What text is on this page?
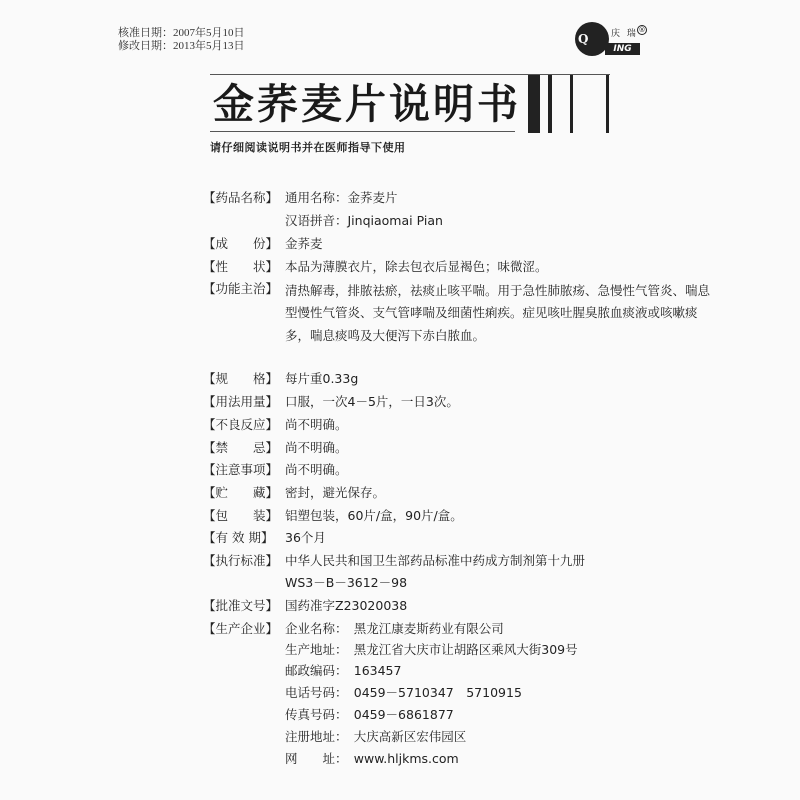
核准日期：2007年5月10日
修改日期：2013年5月13日	Q	庆 瑞 ®
ING
金荞麦片说明书
请仔细阅读说明书并在医师指导下使用
【药品名称】 通用名称：金荞麦片
汉语拼音：Jinqiaomai Pian
【成　　份】 金荞麦
【性　　状】 本品为薄膜衣片，除去包衣后显褐色；味微涩。
【功能主治】 清热解毒，排脓祛瘀，祛痰止咳平喘。用于急性肺脓疡、急慢性气管炎、喘息型慢性气管炎、支气管哮喘及细菌性痢疾。症见咳吐腥臭脓血痰液或咳嗽痰多，喘息痰鸣及大便泻下赤白脓血。
【规　　格】 每片重0.33g
【用法用量】 口服，一次4－5片，一日3次。
【不良反应】 尚不明确。
【禁　　忌】 尚不明确。
【注意事项】 尚不明确。
【贮　　藏】 密封，避光保存。
【包　　装】 铝塑包装，60片/盒，90片/盒。
【有 效 期】 36个月
【执行标准】 中华人民共和国卫生部药品标准中药成方制剂第十九册
WS3－B－3612－98
【批准文号】 国药准字Z23020038
【生产企业】 企业名称：　黑龙江康麦斯药业有限公司
生产地址：　黑龙江省大庆市让胡路区乘风大街309号
邮政编码：　163457
电话号码：　0459－5710347　5710915
传真号码：　0459－6861877
注册地址：　大庆高新区宏伟园区
网　　址：　www.hljkms.com
